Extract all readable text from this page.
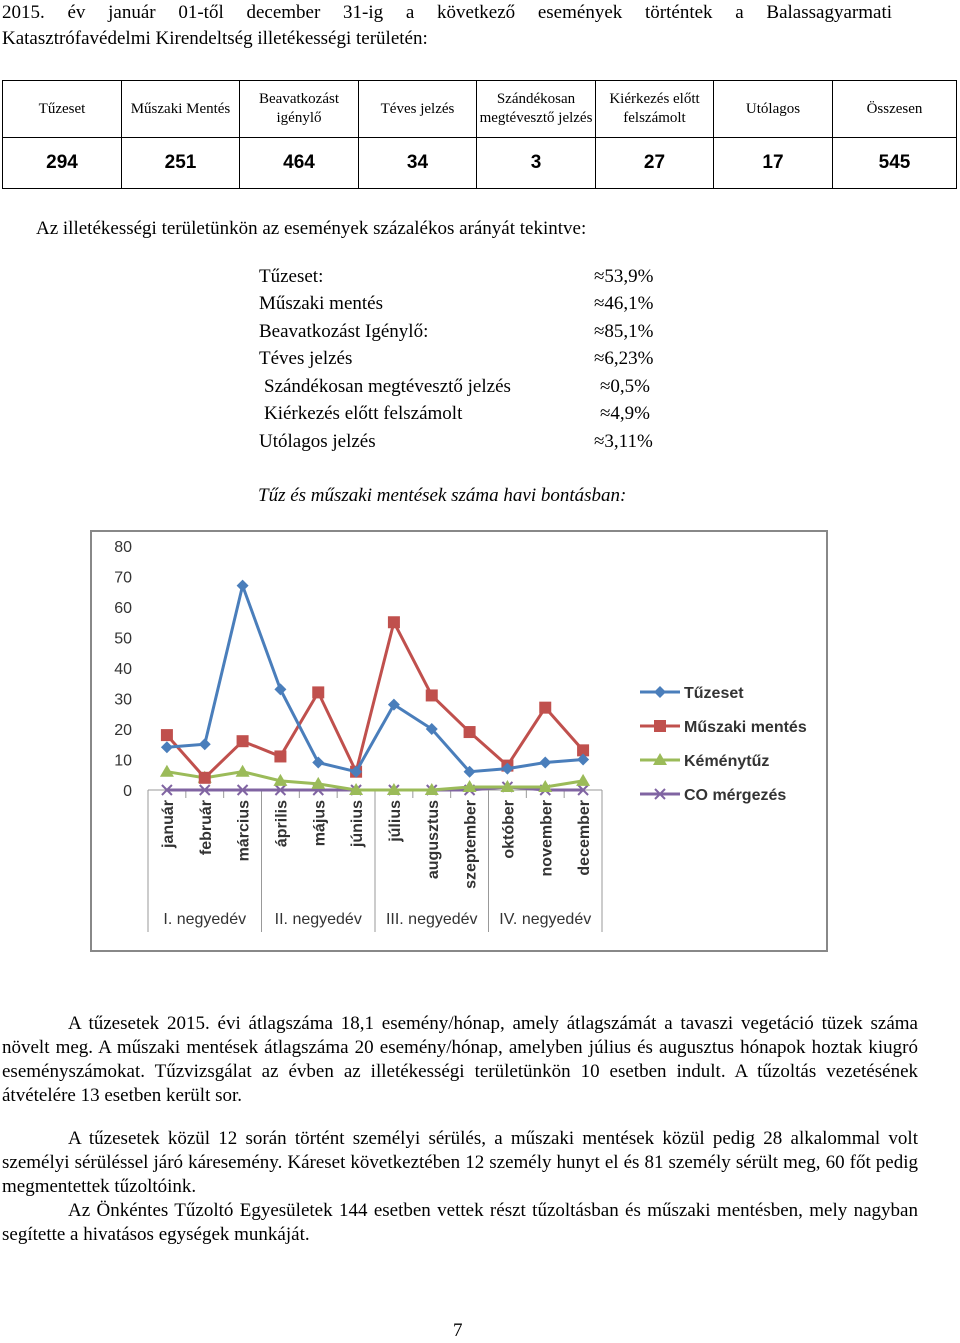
2015. év január 01-től december 31-ig a következő események történtek a Balassagyarmati
Katasztrófavédelmi Kirendeltség illetékességi területén:
Tűzeset	Műszaki Mentés	Beavatkozást igénylő	Téves jelzés	Szándékosan megtévesztő jelzés	Kiérkezés előtt felszámolt	Utólagos	Összesen
294	251	464	34	3	27	17	545
Az illetékességi területünkön az események százalékos arányát tekintve:
Tűzeset:	≈53,9%
Műszaki mentés	≈46,1%
Beavatkozást Igénylő:	≈85,1%
Téves jelzés	≈6,23%
Szándékosan megtévesztő jelzés	≈0,5%
Kiérkezés előtt felszámolt	≈4,9%
Utólagos jelzés	≈3,11%
Tűz és műszaki mentések száma havi bontásban:
0
10
20
30
40
50
60
70
80
január február március április május június július augusztus szeptember október november december
I. negyedév II. negyedév III. negyedév IV. negyedév
Tűzeset
Műszaki mentés
Kéménytűz
CO mérgezés
A tűzesetek 2015. évi átlagszáma 18,1 esemény/hónap, amely átlagszámát a tavaszi vegetáció tüzek száma növelt meg. A műszaki mentések átlagszáma 20 esemény/hónap, amelyben július és augusztus hónapok hoztak kiugró eseményszámokat. Tűzvizsgálat az évben az illetékességi területünkön 10 esetben indult. A tűzoltás vezetésének átvételére 13 esetben került sor.
A tűzesetek közül 12 során történt személyi sérülés, a műszaki mentések közül pedig 28 alkalommal volt személyi sérüléssel járó káresemény. Káreset következtében 12 személy hunyt el és 81 személy sérült meg, 60 főt pedig megmentettek tűzoltóink.
Az Önkéntes Tűzoltó Egyesületek 144 esetben vettek részt tűzoltásban és műszaki mentésben, mely nagyban segítette a hivatásos egységek munkáját.
7
